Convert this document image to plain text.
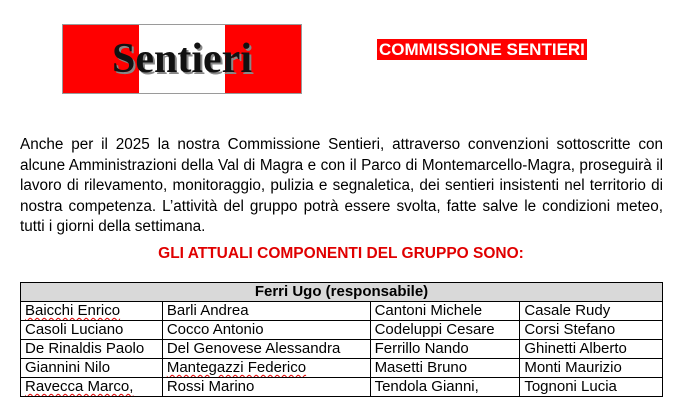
Sentieri	COMMISSIONE SENTIERI

Anche per il 2025 la nostra Commissione Sentieri, attraverso convenzioni sottoscritte con alcune Amministrazioni della Val di Magra e con il Parco di Montemarcello-Magra, proseguirà il lavoro di rilevamento, monitoraggio, pulizia e segnaletica, dei sentieri insistenti nel territorio di nostra competenza. L’attività del gruppo potrà essere svolta, fatte salve le condizioni meteo, tutti i giorni della settimana.

GLI ATTUALI COMPONENTI DEL GRUPPO SONO:
Ferri Ugo (responsabile)			
Baicchi Enrico	Barli Andrea	Cantoni Michele	Casale Rudy
Casoli Luciano	Cocco Antonio	Codeluppi Cesare	Corsi Stefano
De Rinaldis Paolo	Del Genovese Alessandra	Ferrillo Nando	Ghinetti Alberto
Giannini Nilo	Mantegazzi Federico	Masetti Bruno	Monti Maurizio
Ravecca Marco,	Rossi Marino	Tendola Gianni,	Tognoni Lucia
